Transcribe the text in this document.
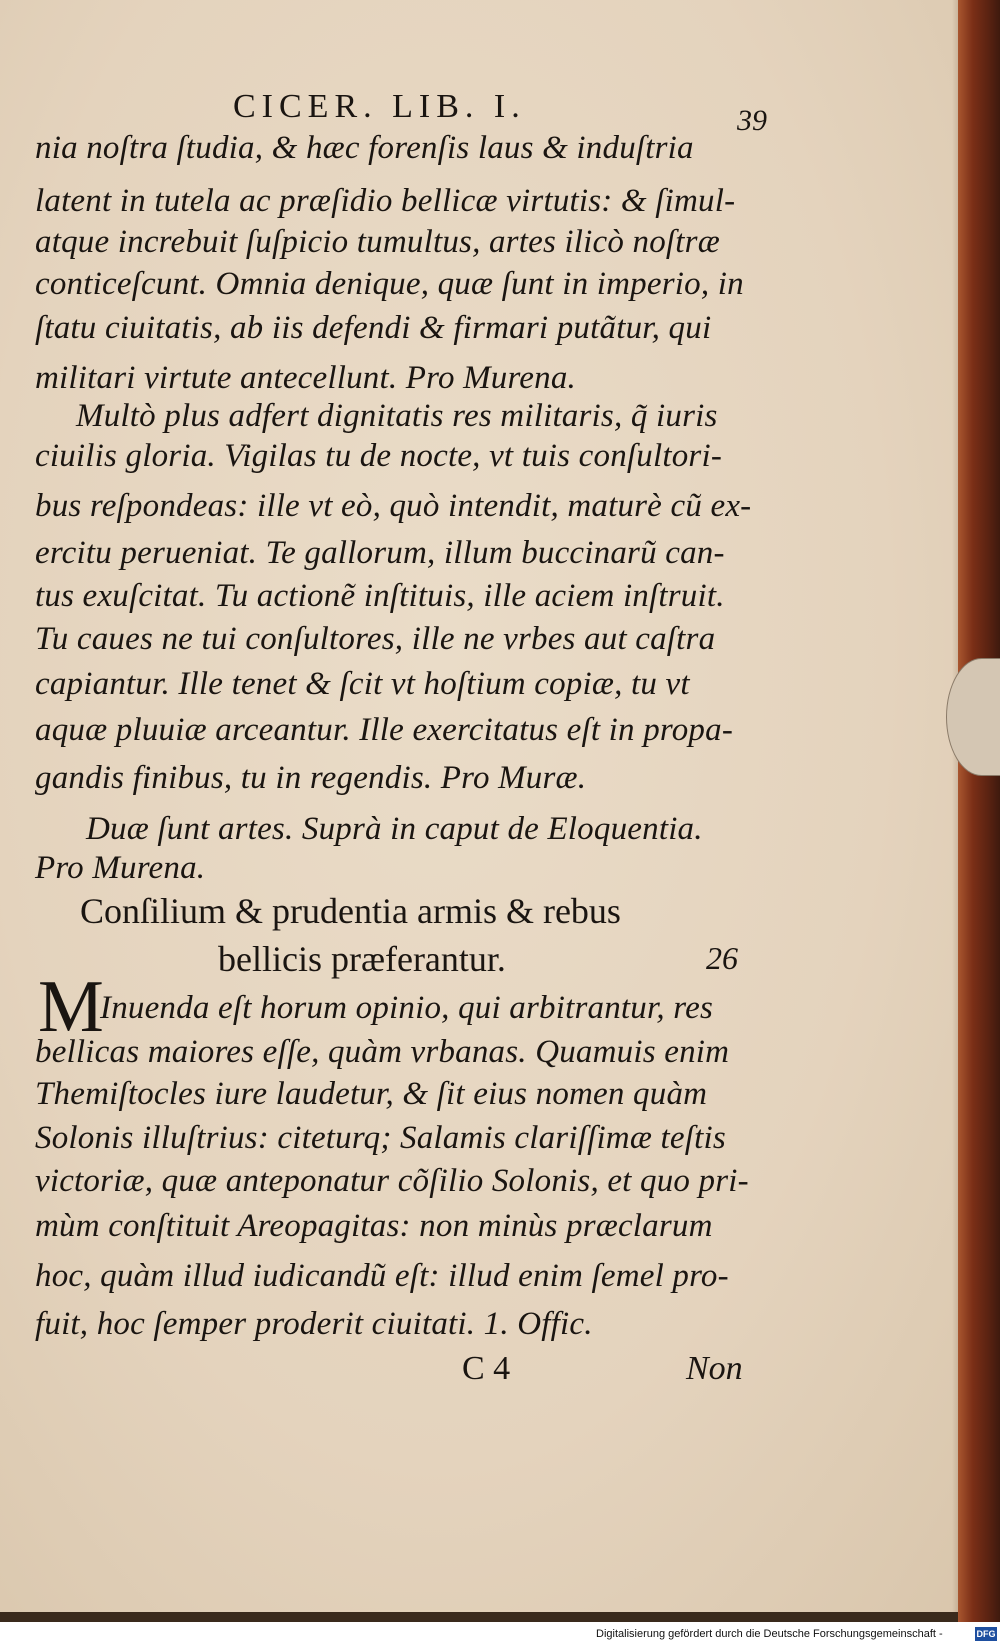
CICER. LIB. I.	39
nia noſtra ſtudia, & hæc forenſis laus & induſtria
latent in tutela ac præſidio bellicæ virtutis: & ſimul-
atque increbuit ſuſpicio tumultus, artes ilicò noſtræ
conticeſcunt. Omnia denique, quæ ſunt in imperio, in
ſtatu ciuitatis, ab iis defendi & firmari putãtur, qui
militari virtute antecellunt. Pro Murena.
Multò plus adfert dignitatis res militaris, q̃ iuris
ciuilis gloria. Vigilas tu de nocte, vt tuis conſultori-
bus reſpondeas: ille vt eò, quò intendit, maturè cũ ex-
ercitu perueniat. Te gallorum, illum buccinarũ can-
tus exuſcitat. Tu actionẽ inſtituis, ille aciem inſtruit.
Tu caues ne tui conſultores, ille ne vrbes aut caſtra
capiantur. Ille tenet & ſcit vt hoſtium copiæ, tu vt
aquæ pluuiæ arceantur. Ille exercitatus eſt in propa-
gandis finibus, tu in regendis. Pro Muræ.
Duæ ſunt artes. Suprà in caput de Eloquentia.
Pro Murena.
Conſilium & prudentia armis & rebus
bellicis præferantur.	26
M
Inuenda eſt horum opinio, qui arbitrantur, res
bellicas maiores eſſe, quàm vrbanas. Quamuis enim
Themiſtocles iure laudetur, & ſit eius nomen quàm
Solonis illuſtrius: citeturq; Salamis clariſſimæ teſtis
victoriæ, quæ anteponatur cõſilio Solonis, et quo pri-
mùm conſtituit Areopagitas: non minùs præclarum
hoc, quàm illud iudicandũ eſt: illud enim ſemel pro-
fuit, hoc ſemper proderit ciuitati. 1. Offic.
C 4	Non
Digitalisierung gefördert durch die Deutsche Forschungsgemeinschaft -	DFG
